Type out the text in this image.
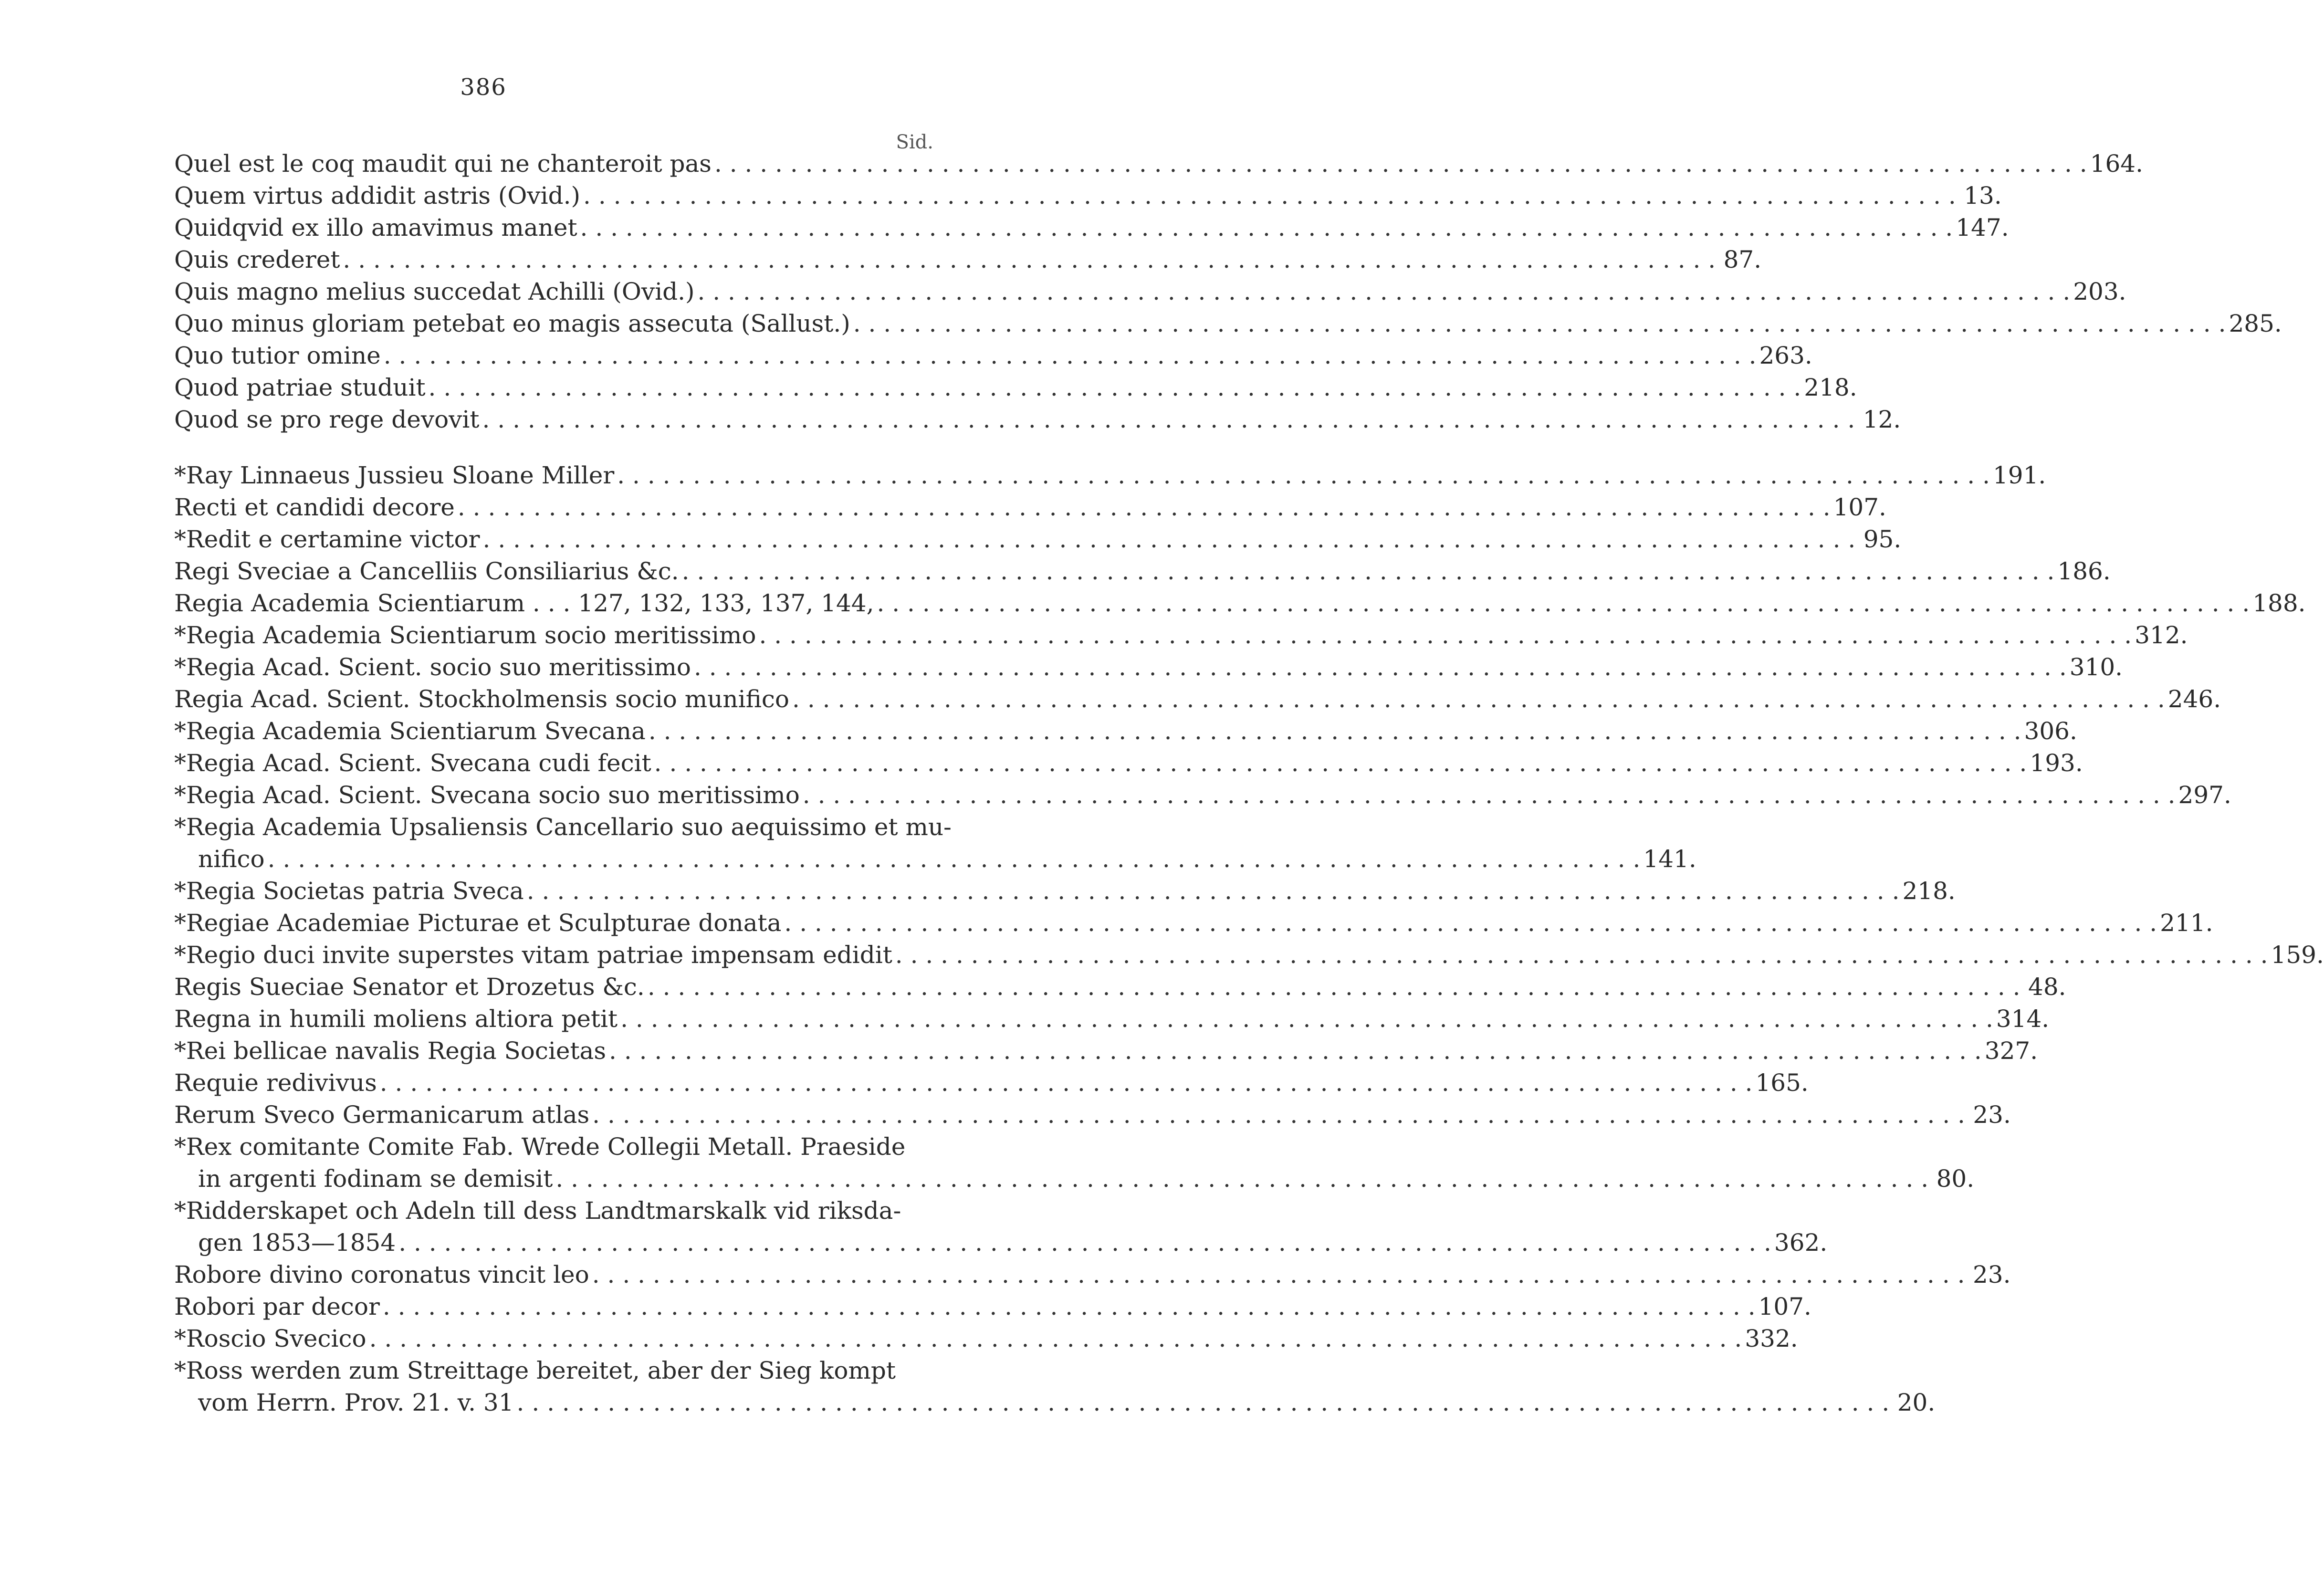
386
Sid.
Quel est le coq maudit qui ne chanteroit pas . . .	164.
Quem virtus addidit astris (Ovid.) . . .	13.
Quidqvid ex illo amavimus manet . . .	147.
Quis crederet . . .	87.
Quis magno melius succedat Achilli (Ovid.) . . .	203.
Quo minus gloriam petebat eo magis assecuta (Sallust.) . . .	285.
Quo tutior omine . . .	263.
Quod patriae studuit . . .	218.
Quod se pro rege devovit . . .	12.
*Ray Linnaeus Jussieu Sloane Miller . . .	191.
Recti et candidi decore . . .	107.
*Redit e certamine victor . . .	95.
Regi Sveciae a Cancelliis Consiliarius &c. . . .	186.
Regia Academia Scientiarum . . . 127, 132, 133, 137, 144, . . .	188.
*Regia Academia Scientiarum socio meritissimo . . .	312.
*Regia Acad. Scient. socio suo meritissimo . . .	310.
Regia Acad. Scient. Stockholmensis socio munifico . . .	246.
*Regia Academia Scientiarum Svecana . . .	306.
*Regia Acad. Scient. Svecana cudi fecit . . .	193.
*Regia Acad. Scient. Svecana socio suo meritissimo . . .	297.
*Regia Academia Upsaliensis Cancellario suo aequissimo et mu-
nifico . . .	141.
*Regia Societas patria Sveca . . .	218.
*Regiae Academiae Picturae et Sculpturae donata . . .	211.
*Regio duci invite superstes vitam patriae impensam edidit . . .	159.
Regis Sueciae Senator et Drozetus &c. . . .	48.
Regna in humili moliens altiora petit . . .	314.
*Rei bellicae navalis Regia Societas . . .	327.
Requie redivivus . . .	165.
Rerum Sveco Germanicarum atlas . . .	23.
*Rex comitante Comite Fab. Wrede Collegii Metall. Praeside
in argenti fodinam se demisit . . .	80.
*Ridderskapet och Adeln till dess Landtmarskalk vid riksda-
gen 1853—1854 . . .	362.
Robore divino coronatus vincit leo . . .	23.
Robori par decor . . .	107.
*Roscio Svecico . . .	332.
*Ross werden zum Streittage bereitet, aber der Sieg kompt
vom Herrn. Prov. 21. v. 31 . . .	20.
